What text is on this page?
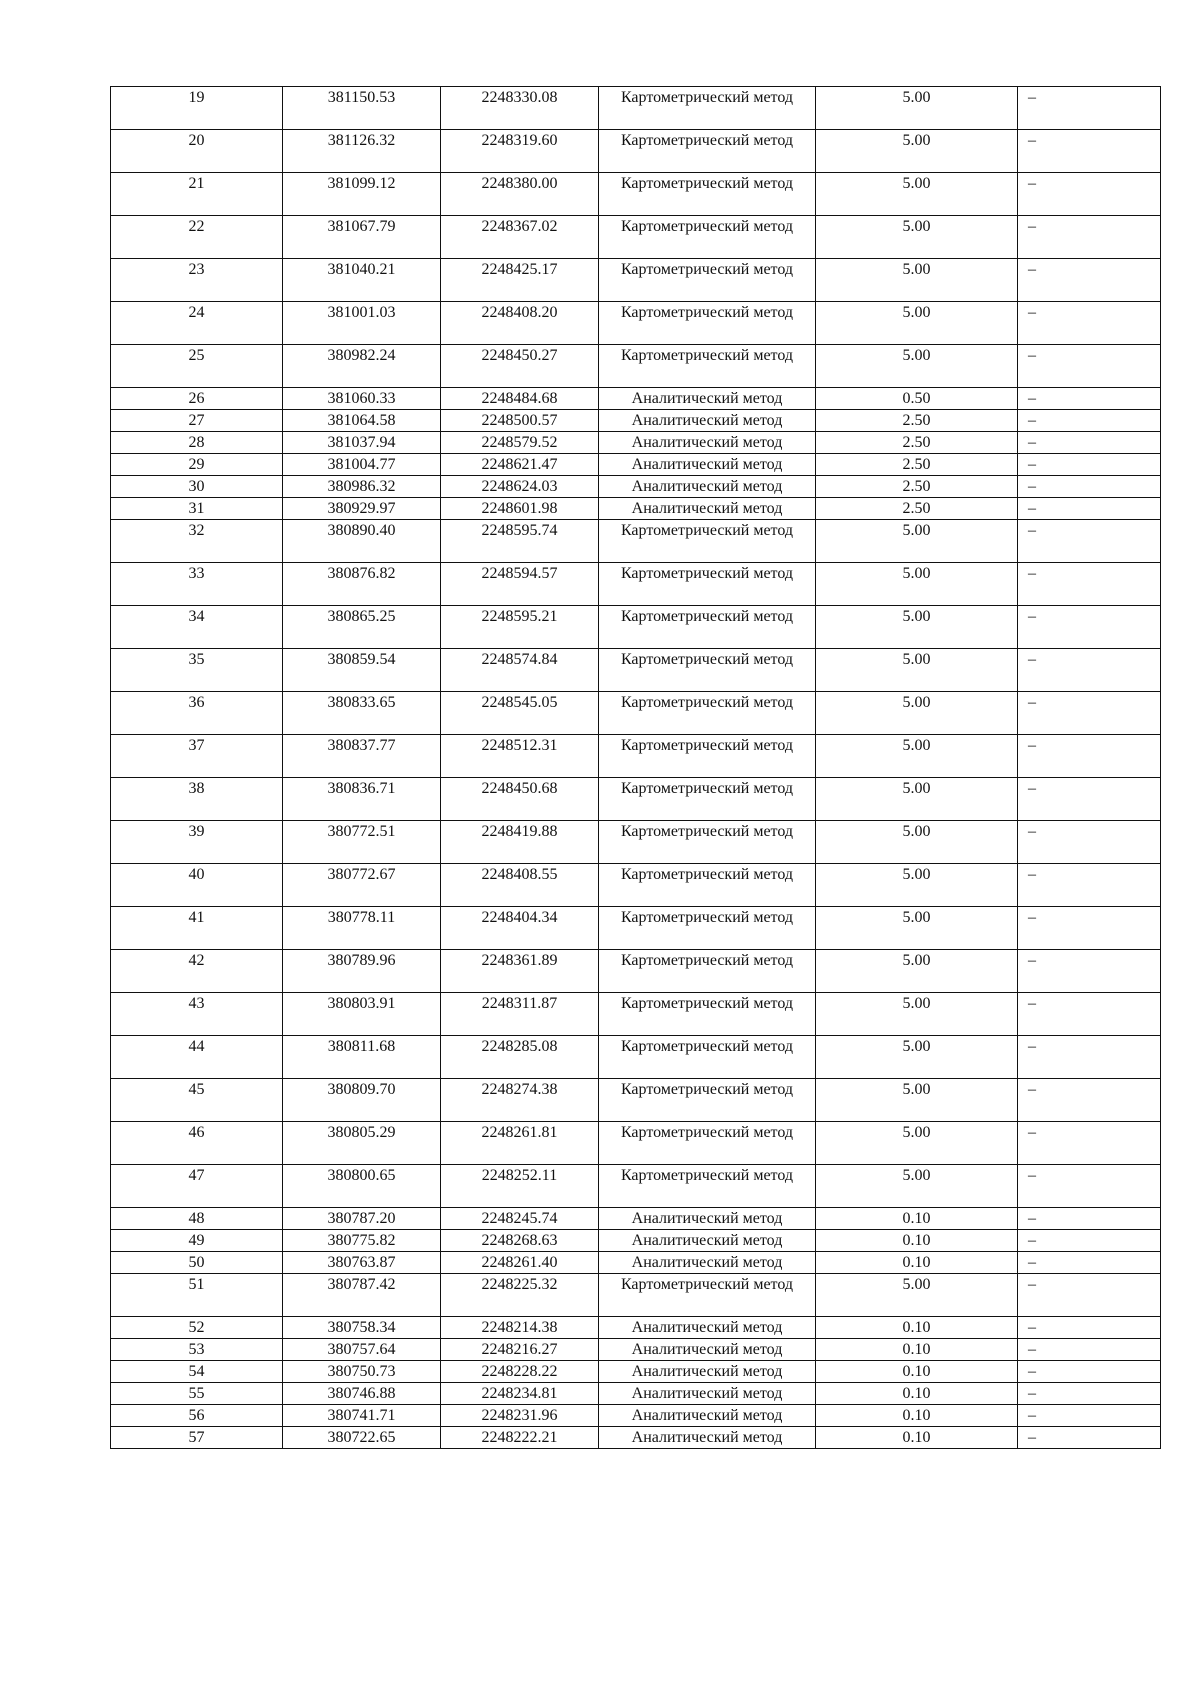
19	381150.53	2248330.08	Картометрический метод	5.00	–
20	381126.32	2248319.60	Картометрический метод	5.00	–
21	381099.12	2248380.00	Картометрический метод	5.00	–
22	381067.79	2248367.02	Картометрический метод	5.00	–
23	381040.21	2248425.17	Картометрический метод	5.00	–
24	381001.03	2248408.20	Картометрический метод	5.00	–
25	380982.24	2248450.27	Картометрический метод	5.00	–
26	381060.33	2248484.68	Аналитический метод	0.50	–
27	381064.58	2248500.57	Аналитический метод	2.50	–
28	381037.94	2248579.52	Аналитический метод	2.50	–
29	381004.77	2248621.47	Аналитический метод	2.50	–
30	380986.32	2248624.03	Аналитический метод	2.50	–
31	380929.97	2248601.98	Аналитический метод	2.50	–
32	380890.40	2248595.74	Картометрический метод	5.00	–
33	380876.82	2248594.57	Картометрический метод	5.00	–
34	380865.25	2248595.21	Картометрический метод	5.00	–
35	380859.54	2248574.84	Картометрический метод	5.00	–
36	380833.65	2248545.05	Картометрический метод	5.00	–
37	380837.77	2248512.31	Картометрический метод	5.00	–
38	380836.71	2248450.68	Картометрический метод	5.00	–
39	380772.51	2248419.88	Картометрический метод	5.00	–
40	380772.67	2248408.55	Картометрический метод	5.00	–
41	380778.11	2248404.34	Картометрический метод	5.00	–
42	380789.96	2248361.89	Картометрический метод	5.00	–
43	380803.91	2248311.87	Картометрический метод	5.00	–
44	380811.68	2248285.08	Картометрический метод	5.00	–
45	380809.70	2248274.38	Картометрический метод	5.00	–
46	380805.29	2248261.81	Картометрический метод	5.00	–
47	380800.65	2248252.11	Картометрический метод	5.00	–
48	380787.20	2248245.74	Аналитический метод	0.10	–
49	380775.82	2248268.63	Аналитический метод	0.10	–
50	380763.87	2248261.40	Аналитический метод	0.10	–
51	380787.42	2248225.32	Картометрический метод	5.00	–
52	380758.34	2248214.38	Аналитический метод	0.10	–
53	380757.64	2248216.27	Аналитический метод	0.10	–
54	380750.73	2248228.22	Аналитический метод	0.10	–
55	380746.88	2248234.81	Аналитический метод	0.10	–
56	380741.71	2248231.96	Аналитический метод	0.10	–
57	380722.65	2248222.21	Аналитический метод	0.10	–
